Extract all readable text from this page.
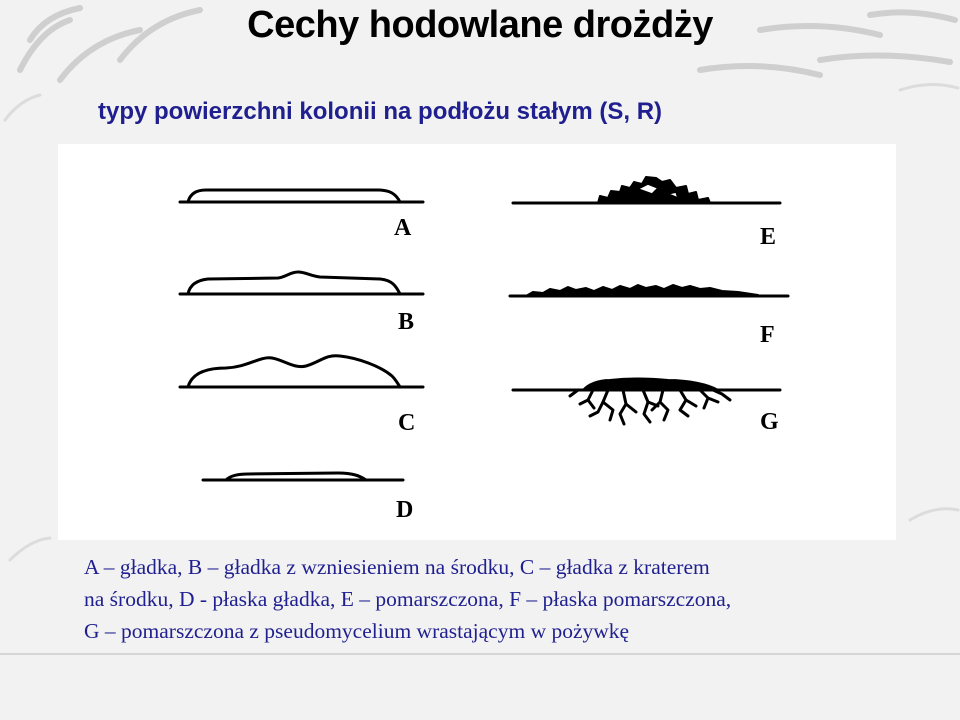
Cechy hodowlane drożdży
typy powierzchni kolonii na podłożu stałym (S, R)
A
B
C
D
E
F
G
A – gładka, B – gładka z wzniesieniem na środku, C – gładka z kraterem
na środku, D - płaska gładka, E – pomarszczona, F – płaska pomarszczona,
G – pomarszczona z pseudomycelium wrastającym w pożywkę
